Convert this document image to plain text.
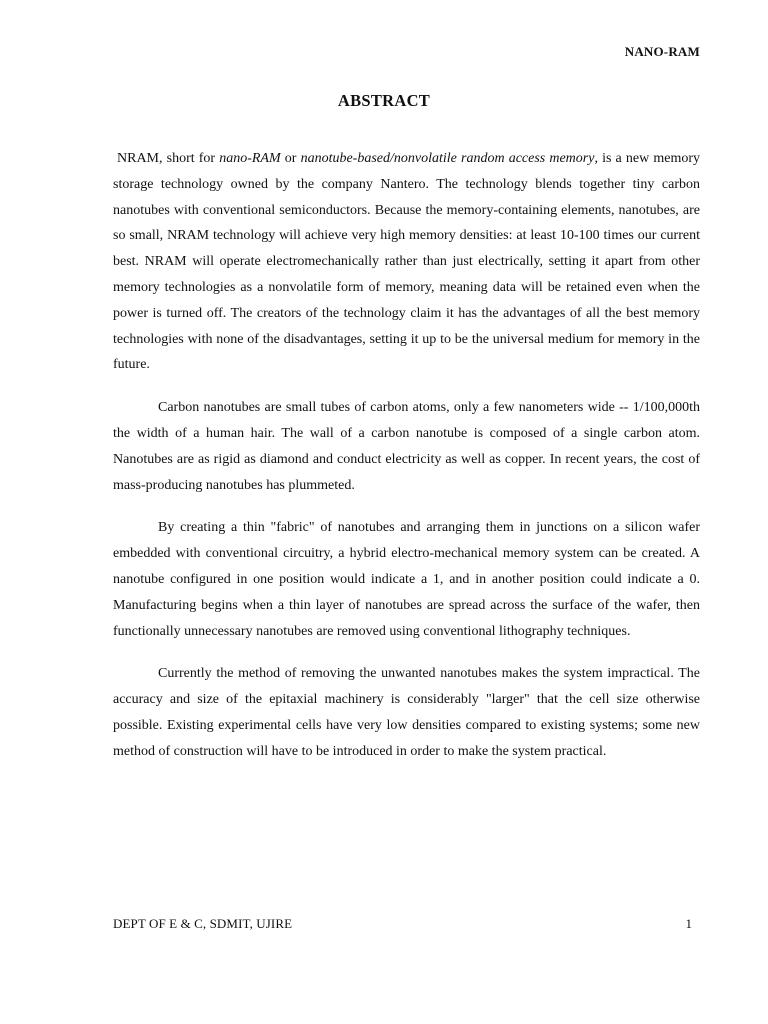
NANO-RAM
ABSTRACT

NRAM, short for nano-RAM or nanotube-based/nonvolatile random access memory, is a new memory storage technology owned by the company Nantero. The technology blends together tiny carbon nanotubes with conventional semiconductors. Because the memory-containing elements, nanotubes, are so small, NRAM technology will achieve very high memory densities: at least 10-100 times our current best. NRAM will operate electromechanically rather than just electrically, setting it apart from other memory technologies as a nonvolatile form of memory, meaning data will be retained even when the power is turned off. The creators of the technology claim it has the advantages of all the best memory technologies with none of the disadvantages, setting it up to be the universal medium for memory in the future.

Carbon nanotubes are small tubes of carbon atoms, only a few nanometers wide -- 1/100,000th the width of a human hair. The wall of a carbon nanotube is composed of a single carbon atom. Nanotubes are as rigid as diamond and conduct electricity as well as copper. In recent years, the cost of mass-producing nanotubes has plummeted.

By creating a thin "fabric" of nanotubes and arranging them in junctions on a silicon wafer embedded with conventional circuitry, a hybrid electro-mechanical memory system can be created. A nanotube configured in one position would indicate a 1, and in another position could indicate a 0. Manufacturing begins when a thin layer of nanotubes are spread across the surface of the wafer, then functionally unnecessary nanotubes are removed using conventional lithography techniques.

Currently the method of removing the unwanted nanotubes makes the system impractical. The accuracy and size of the epitaxial machinery is considerably "larger" that the cell size otherwise possible. Existing experimental cells have very low densities compared to existing systems; some new method of construction will have to be introduced in order to make the system practical.

DEPT OF E & C, SDMIT, UJIRE	1
